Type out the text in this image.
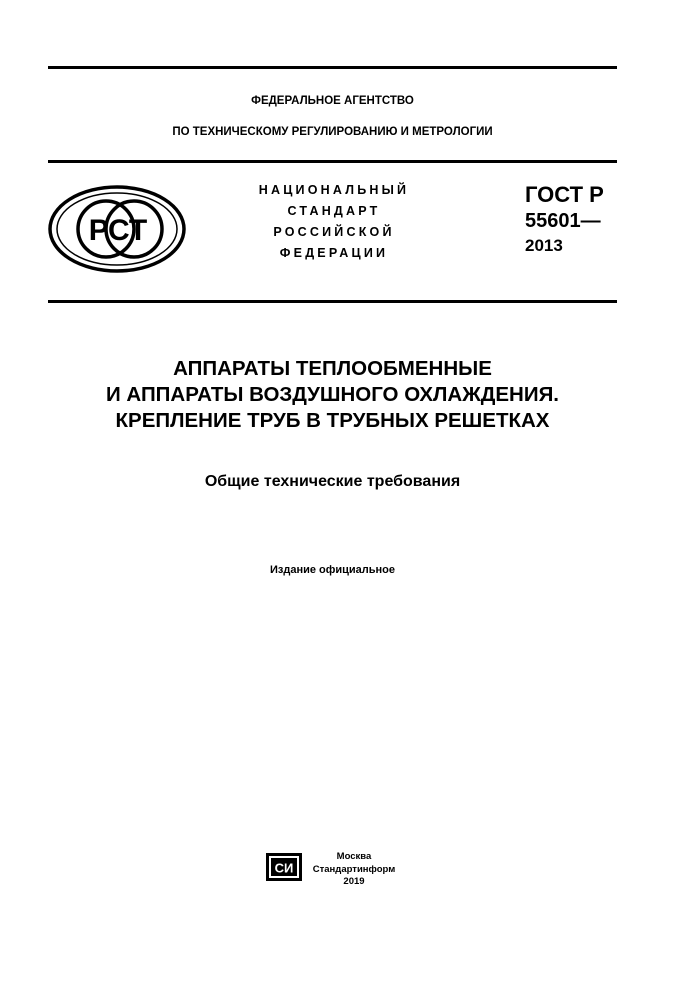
ФЕДЕРАЛЬНОЕ АГЕНТСТВО
ПО ТЕХНИЧЕСКОМУ РЕГУЛИРОВАНИЮ И МЕТРОЛОГИИ
РСТ
НАЦИОНАЛЬНЫЙ
СТАНДАРТ
РОССИЙСКОЙ
ФЕДЕРАЦИИ
ГОСТ Р
55601—
2013
АППАРАТЫ ТЕПЛООБМЕННЫЕ
И АППАРАТЫ ВОЗДУШНОГО ОХЛАЖДЕНИЯ.
КРЕПЛЕНИЕ ТРУБ В ТРУБНЫХ РЕШЕТКАХ
Общие технические требования
Издание официальное
СИ
Москва
Стандартинформ
2019
